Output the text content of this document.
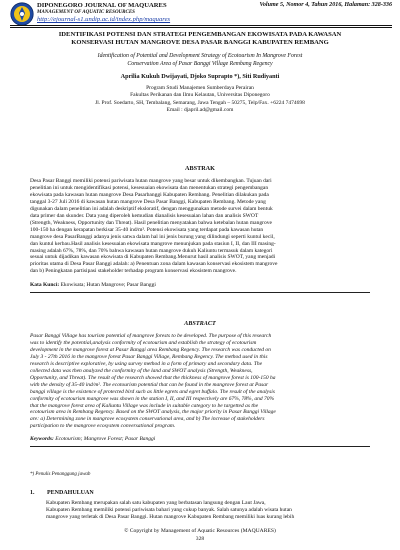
DIPONEGORO JOURNAL OF MAQUARES	Volume 5, Nomor 4, Tahun 2016, Halaman: 328-336
MANAGEMENT OF AQUATIC RESOURCES
http://ejournal-s1.undip.ac.id/index.php/maquares
IDENTIFIKASI POTENSI DAN STRATEGI PENGEMBANGAN EKOWISATA PADA KAWASAN
KONSERVASI HUTAN MANGROVE DESA PASAR BANGGI KABUPATEN REMBANG
Identification of Potential and Development Strategy of Ecotourism In Mangrove Forest
Conservation Area of Pasar Banggi Village Rembang Regency
Aprilia Kukuh Dwijayati, Djoko Suprapto *), Siti Rudiyanti
Program Studi Manajemen Sumberdaya Perairan
Fakultas Perikanan dan Ilmu Kelautan, Universitas Diponegoro
Jl. Prof. Soedarto, SH, Tembalang, Semarang, Jawa Tengah – 50275, Telp/Fax. +6224 7474698
Email : djapril.ad@gmail.com
ABSTRAK
Desa Pasar Banggi memiliki potensi pariwisata hutan mangrove yang besar untuk dikembangkan. Tujuan dari
penelitian ini untuk mengidentifikasi potensi, kesesuaian ekowisata dan menentukan strategi pengembangan
ekowisata pada kawasan hutan mangrove Desa Pasarbanggi Kabupaten Rembang. Penelitian dilakukan pada
tanggal 3-27 Juli 2016 di kawasan hutan mangrove Desa Pasar Banggi, Kabupaten Rembang. Metode yang
digunakan dalam penelitian ini adalah deskriptif eksloratif, dengan menggunakan metode survei dalam bentuk
data primer dan skunder. Data yang diperoleh kemudian dianalisis kesesuaian lahan dan analisis SWOT
(Strength, Weakness, Opportunity dan Threat). Hasil penelitian menyatakan bahwa ketebalan hutan mangrove
100-150 ha dengan kerapatan berkisar 35-40 ind/m². Potensi ekowisata yang terdapat pada kawasan hutan
mangrove desa PasarBanggi adanya jenis satwa dalam hal ini jenis burung yang dilindungi seperti kuntul kecil,
dan kuntul kerbau.Hasil analisis kesesuaian ekowisata mangrove menunjukan pada stasiun I, II, dan III masing-
masing adalah 67%, 78%, dan 70% bahwa kawasan hutan mangrove dukuh Kaliuntu termasuk dalam kategori
sesuai untuk dijadikan kawasan ekowisata di Kabupaten Rembang.Menurut hasil analisis SWOT, yang menjadi
prioritas utama di Desa Pasar Banggi adalah: a) Penentuan zona dalam kawasan konservasi ekosistem mangrove
dan b) Peningkatan partisipasi stakeholder terhadap program konservasi ekosistem mangrove.
Kata Kunci: Ekowisata; Hutan Mangrove; Pasar Banggi
ABSTRACT
Pasar Banggi Village has tourism potential of mangrove forests to be developed. The purpose of this research
was to identify the potential,analysis conformity of ecotourism and establish the strategy of ecotourism
development in the mangrove forest at Pasar Banggi area Rembang Regency. The research was conducted on
July 3 - 27th 2016 in the mangrove forest Pasar Banggi Village, Rembang Regency. The method used in this
research is descriptive explorative, by using survey method in a form of primary and secondary data. The
collected data was then analyzed the conformity of the land and SWOT analysis (Strength, Weakness,
Opportunity, and Threat). The result of the research showed that the thickness of mangrove forest is 100-150 ha
with the density of 35-40 ind/m². The ecotourism potential that can be found in the mangrove forest at Pasar
banggi village is the existence of protected bird such as little egrets and egret buffalo. The result of the analysis
conformity of ecotourism mangrove was shown in the station I, II, and III respectively are 67%, 78%, and 70%
that the mangrove forest area of Kaliuntu Village was include in suitable category to be targetted as the
ecotourism area in Rembang Regency. Based on the SWOT analysis, the major priority in Pasar Banggi Village
are: a) Determining zone in mangrove ecosystem conservational area, and b) The increase of stakeholders
participation to the mangrove ecosystem conversational program.
Keywords: Ecotourism; Mangrove Forest; Pasar Banggi
*) Penulis Penanggung jawab
1. PENDAHULUAN
Kabupaten Rembang merupakan salah satu kabupaten yang berbatasan langsung dengan Laut Jawa,
Kabupaten Rembang memiliki potensi pariwisata bahari yang cukup banyak. Salah satunya adalah wisata hutan
mangrove yang terletak di Desa Pasar Banggi. Hutan mangrove Kabupaten Rembang memiliki luas kurang lebih
© Copyright by Management of Aquatic Resources (MAQUARES)
328
